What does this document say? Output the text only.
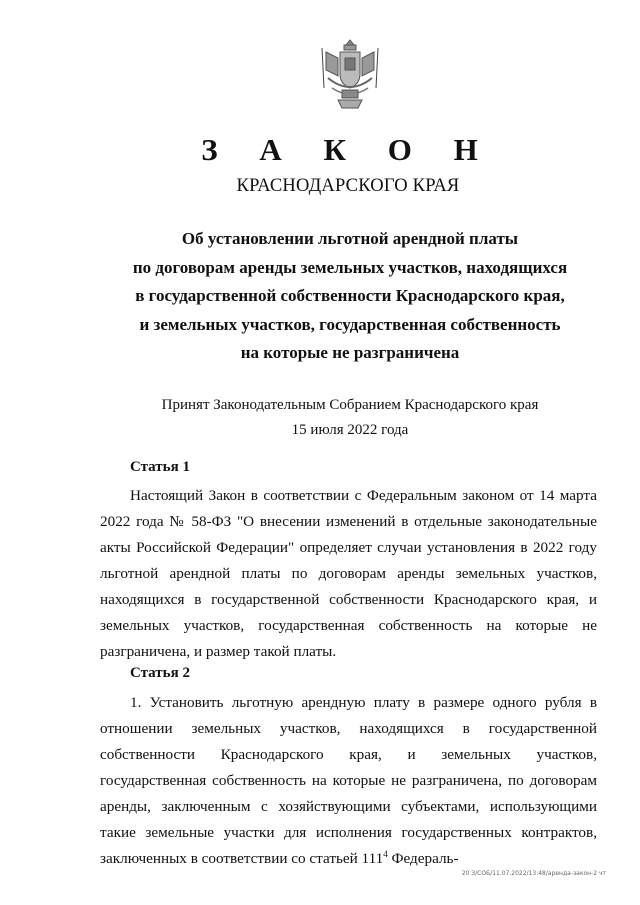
З А К О Н
КРАСНОДАРСКОГО КРАЯ
Об установлении льготной арендной платы
по договорам аренды земельных участков, находящихся
в государственной собственности Краснодарского края,
и земельных участков, государственная собственность
на которые не разграничена
Принят Законодательным Собранием Краснодарского края
15 июля 2022 года
Статья 1

Настоящий Закон в соответствии с Федеральным законом от 14 марта 2022 года № 58-ФЗ "О внесении изменений в отдельные законодательные акты Российской Федерации" определяет случаи установления в 2022 году льготной арендной платы по договорам аренды земельных участков, находящихся в государственной собственности Краснодарского края, и земельных участков, государственная собственность на которые не разграничена, и размер такой платы.

Статья 2

1. Установить льготную арендную плату в размере одного рубля в отношении земельных участков, находящихся в государственной собственности Краснодарского края, и земельных участков, государственная собственность на которые не разграничена, по договорам аренды, заключенным с хозяйствующими субъектами, использующими такие земельные участки для исполнения государственных контрактов, заключенных в соответствии со статьей $111^4$ Федераль-

20 З/СОБ/11.07.2022/13:48/аренда-закон-2 чт
